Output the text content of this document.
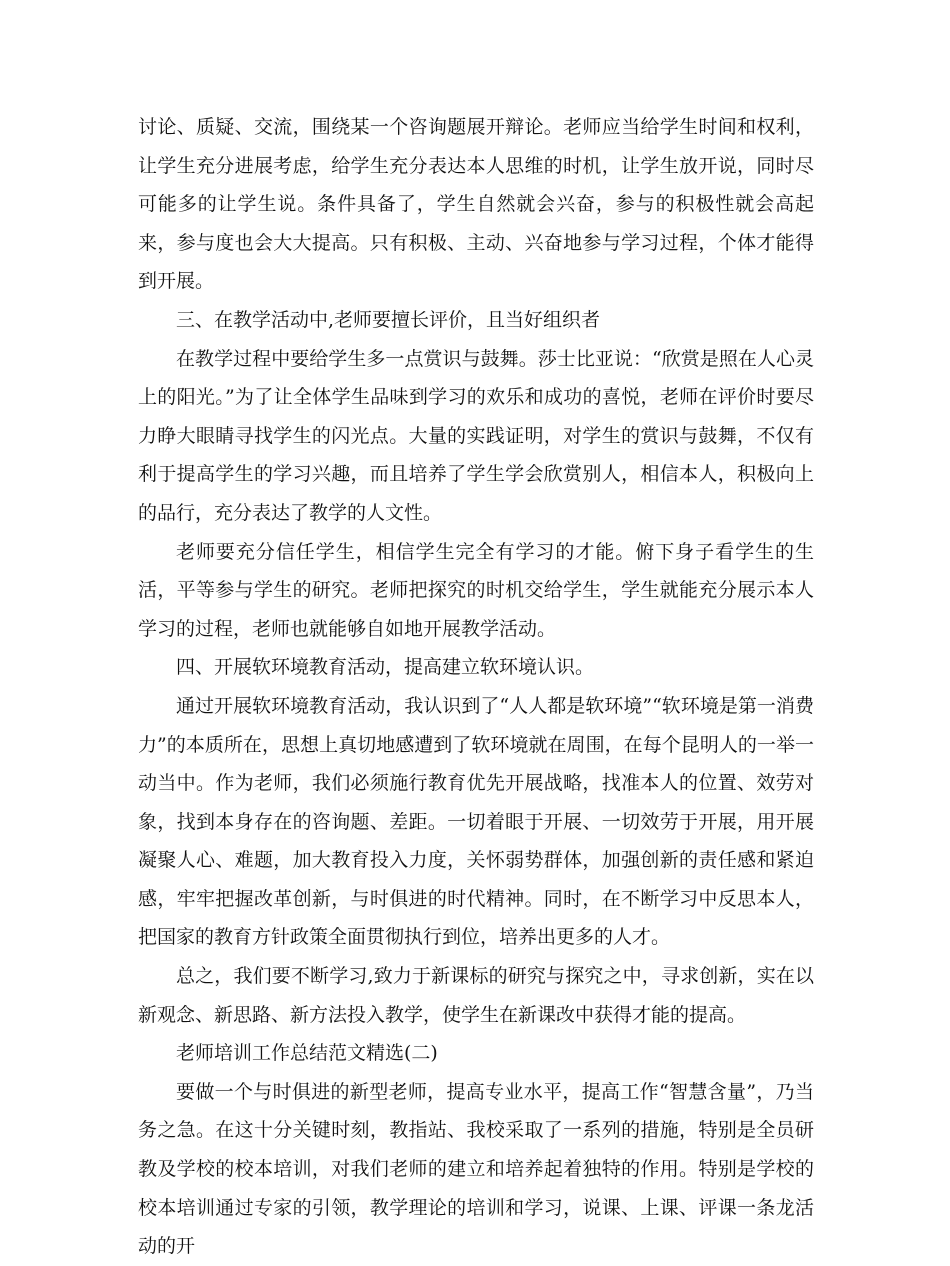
讨论、质疑、交流，围绕某一个咨询题展开辩论。老师应当给学生时间和权利，让学生充分进展考虑，给学生充分表达本人思维的时机，让学生放开说，同时尽可能多的让学生说。条件具备了，学生自然就会兴奋，参与的积极性就会高起来，参与度也会大大提高。只有积极、主动、兴奋地参与学习过程，个体才能得到开展。

三、在教学活动中,老师要擅长评价，且当好组织者

在教学过程中要给学生多一点赏识与鼓舞。莎士比亚说：“欣赏是照在人心灵上的阳光。”为了让全体学生品味到学习的欢乐和成功的喜悦，老师在评价时要尽力睁大眼睛寻找学生的闪光点。大量的实践证明，对学生的赏识与鼓舞，不仅有利于提高学生的学习兴趣，而且培养了学生学会欣赏别人，相信本人，积极向上的品行，充分表达了教学的人文性。

老师要充分信任学生，相信学生完全有学习的才能。俯下身子看学生的生活，平等参与学生的研究。老师把探究的时机交给学生，学生就能充分展示本人学习的过程，老师也就能够自如地开展教学活动。

四、开展软环境教育活动，提高建立软环境认识。

通过开展软环境教育活动，我认识到了“人人都是软环境”“软环境是第一消费力”的本质所在，思想上真切地感遭到了软环境就在周围，在每个昆明人的一举一动当中。作为老师，我们必须施行教育优先开展战略，找准本人的位置、效劳对象，找到本身存在的咨询题、差距。一切着眼于开展、一切效劳于开展，用开展凝聚人心、难题，加大教育投入力度，关怀弱势群体，加强创新的责任感和紧迫感，牢牢把握改革创新，与时俱进的时代精神。同时，在不断学习中反思本人，把国家的教育方针政策全面贯彻执行到位，培养出更多的人才。

总之，我们要不断学习,致力于新课标的研究与探究之中，寻求创新，实在以新观念、新思路、新方法投入教学，使学生在新课改中获得才能的提高。

老师培训工作总结范文精选(二)

要做一个与时俱进的新型老师，提高专业水平，提高工作“智慧含量”，乃当务之急。在这十分关键时刻，教指站、我校采取了一系列的措施，特别是全员研教及学校的校本培训，对我们老师的建立和培养起着独特的作用。特别是学校的校本培训通过专家的引领，教学理论的培训和学习，说课、上课、评课一条龙活动的开
